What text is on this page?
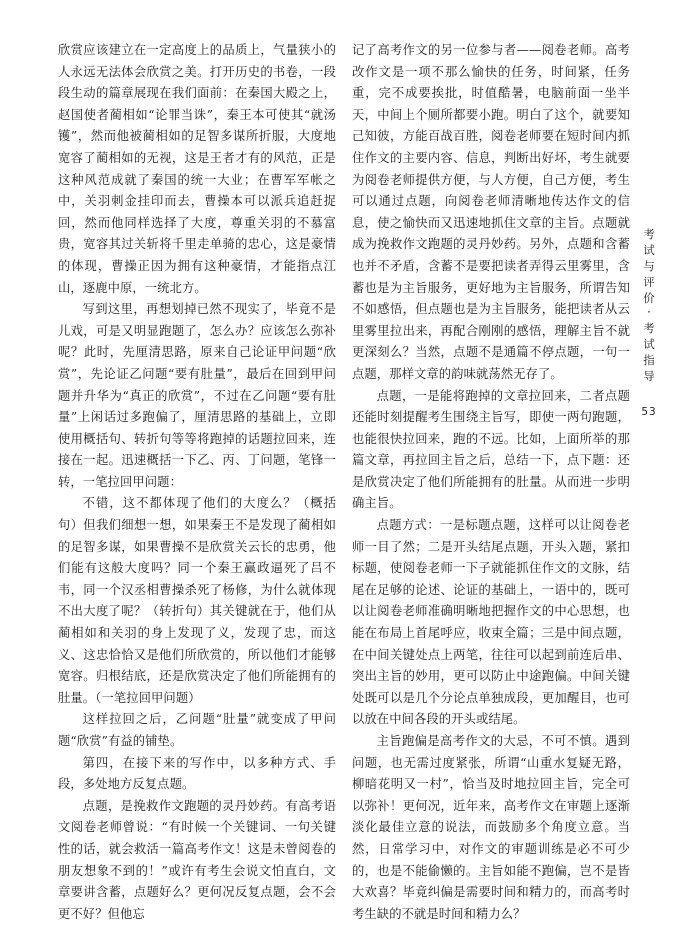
欣赏应该建立在一定高度上的品质上，气量狭小的人永远无法体会欣赏之美。打开历史的书卷，一段段生动的篇章展现在我们面前：在秦国大殿之上，赵国使者蔺相如“论罪当诛”，秦王本可使其“就汤镬”，然而他被蔺相如的足智多谋所折服，大度地宽容了蔺相如的无视，这是王者才有的风范，正是这种风范成就了秦国的统一大业；在曹军军帐之中，关羽刺金挂印而去，曹操本可以派兵追赶捉回，然而他同样选择了大度，尊重关羽的不慕富贵，宽容其过关斩将千里走单骑的忠心，这是豪情的体现，曹操正因为拥有这种豪情，才能指点江山，逐鹿中原，一统北方。

写到这里，再想划掉已然不现实了，毕竟不是儿戏，可是又明显跑题了，怎么办？应该怎么弥补呢？此时，先厘清思路，原来自己论证甲问题“欣赏”，先论证乙问题“要有肚量”，最后在回到甲问题并升华为“真正的欣赏”，不过在乙问题“要有肚量”上闲话过多跑偏了，厘清思路的基础上，立即使用概括句、转折句等等将跑掉的话题拉回来，连接在一起。迅速概括一下乙、丙、丁问题，笔锋一转，一笔拉回甲问题：

不错，这不都体现了他们的大度么？（概括句）但我们细想一想，如果秦王不是发现了蔺相如的足智多谋，如果曹操不是欣赏关云长的忠勇，他们能有这般大度吗？同一个秦王赢政逼死了吕不韦，同一个汉丞相曹操杀死了杨修，为什么就体现不出大度了呢？（转折句）其关键就在于，他们从蔺相如和关羽的身上发现了义，发现了忠，而这义、这忠恰恰又是他们所欣赏的，所以他们才能够宽容。归根结底，还是欣赏决定了他们所能拥有的肚量。（一笔拉回甲问题）

这样拉回之后，乙问题“肚量”就变成了甲问题“欣赏”有益的铺垫。

第四，在接下来的写作中，以多种方式、手段，多处地方反复点题。

点题，是挽救作文跑题的灵丹妙药。有高考语文阅卷老师曾说：“有时候一个关键词、一句关键性的话，就会救活一篇高考作文！这是未曾阅卷的朋友想象不到的！”或许有考生会说文怕直白，文章要讲含蓄，点题好么？更何况反复点题，会不会更不好？但他忘

记了高考作文的另一位参与者——阅卷老师。高考改作文是一项不那么愉快的任务，时间紧，任务重，完不成要挨批，时值酷暑，电脑前面一坐半天，中间上个厕所都要小跑。明白了这个，就要知己知彼，方能百战百胜，阅卷老师要在短时间内抓住作文的主要内容、信息，判断出好坏，考生就要为阅卷老师提供方便，与人方便，自己方便，考生可以通过点题，向阅卷老师清晰地传达作文的信息，使之愉快而又迅速地抓住文章的主旨。点题就成为挽救作文跑题的灵丹妙药。另外，点题和含蓄也并不矛盾，含蓄不是要把读者弄得云里雾里，含蓄也是为主旨服务，更好地为主旨服务，所谓告知不如感悟，但点题也是为主旨服务，能把读者从云里雾里拉出来，再配合刚刚的感悟，理解主旨不就更深刻么？当然，点题不是通篇不停点题，一句一点题，那样文章的韵味就荡然无存了。

点题，一是能将跑掉的文章拉回来，二者点题还能时刻提醒考生围绕主旨写，即使一两句跑题，也能很快拉回来，跑的不远。比如，上面所举的那篇文章，再拉回主旨之后，总结一下，点下题：还是欣赏决定了他们所能拥有的肚量。从而进一步明确主旨。

点题方式：一是标题点题，这样可以让阅卷老师一目了然；二是开头结尾点题，开头入题，紧扣标题，使阅卷老师一下子就能抓住作文的文脉，结尾在足够的论述、论证的基础上，一语中的，既可以让阅卷老师准确明晰地把握作文的中心思想，也能在布局上首尾呼应，收束全篇；三是中间点题，在中间关键处点上两笔，往往可以起到前连后串、突出主旨的妙用，更可以防止中途跑偏。中间关键处既可以是几个分论点单独成段，更加醒目，也可以放在中间各段的开头或结尾。

主旨跑偏是高考作文的大忌，不可不慎。遇到问题，也无需过度紧张，所谓“山重水复疑无路，柳暗花明又一村”，恰当及时地拉回主旨，完全可以弥补！更何况，近年来，高考作文在审题上逐渐淡化最佳立意的说法，而鼓励多个角度立意。当然，日常学习中，对作文的审题训练是必不可少的，也是不能偷懒的。主旨如能不跑偏，岂不是皆大欢喜？毕竟纠偏是需要时间和精力的，而高考时考生缺的不就是时间和精力么？

考
试
与
评
价
·
考
试
指
导
53
